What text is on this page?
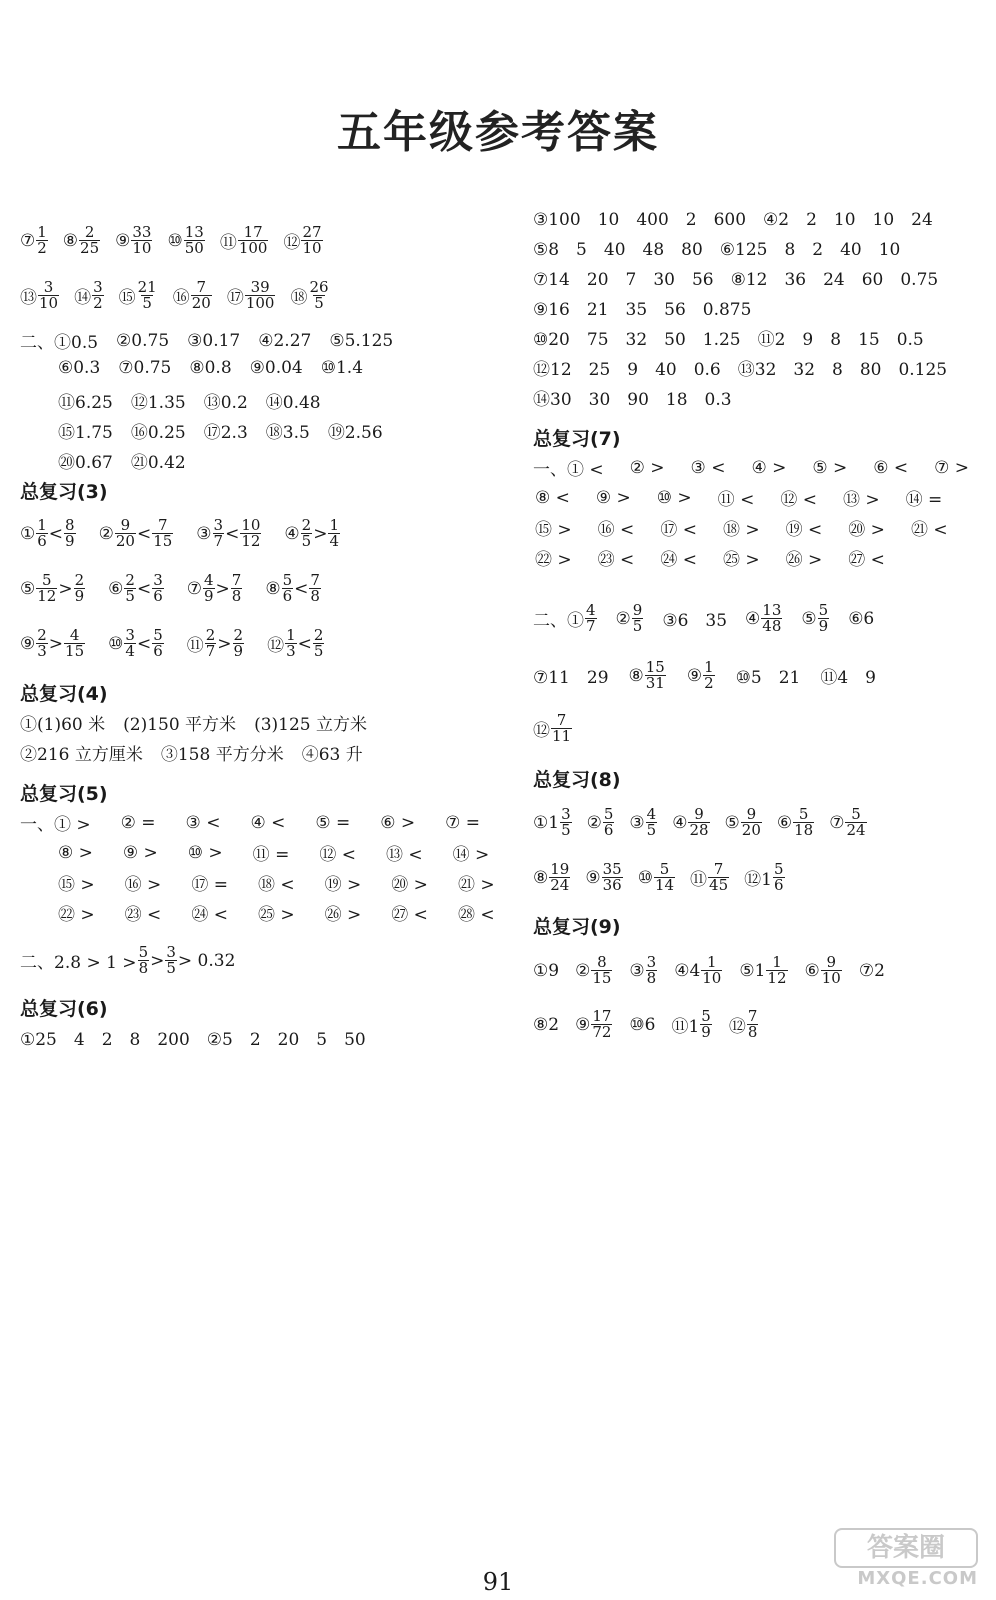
五年级参考答案
⑦ $\frac{1}{2}$ ⑧ $\frac{2}{25}$ ⑨ $\frac{33}{10}$ ⑩ $\frac{13}{50}$ ⑪ $\frac{17}{100}$ ⑫ $\frac{27}{10}$
⑬ $\frac{3}{10}$ ⑭ $\frac{3}{2}$ ⑮ $\frac{21}{5}$ ⑯ $\frac{7}{20}$ ⑰ $\frac{39}{100}$ ⑱ $\frac{26}{5}$
二、①0.5 ②0.75 ③0.17 ④2.27 ⑤5.125
⑥0.3 ⑦0.75 ⑧0.8 ⑨0.04 ⑩1.4
⑪6.25 ⑫1.35 ⑬0.2 ⑭0.48
⑮1.75 ⑯0.25 ⑰2.3 ⑱3.5 ⑲2.56
⑳0.67 ㉑0.42
总复习(3)
① $\frac{1}{6} < \frac{8}{9}$ ② $\frac{9}{20} < \frac{7}{15}$ ③ $\frac{3}{7} < \frac{10}{12}$ ④ $\frac{2}{5} > \frac{1}{4}$
⑤ $\frac{5}{12} > \frac{2}{9}$ ⑥ $\frac{2}{5} < \frac{3}{6}$ ⑦ $\frac{4}{9} > \frac{7}{8}$ ⑧ $\frac{5}{6} < \frac{7}{8}$
⑨ $\frac{2}{3} > \frac{4}{15}$ ⑩ $\frac{3}{4} < \frac{5}{6}$ ⑪ $\frac{2}{7} > \frac{2}{9}$ ⑫ $\frac{1}{3} < \frac{2}{5}$
总复习(4)
①(1)60 米 (2)150 平方米 (3)125 立方米
②216 立方厘米 ③158 平方分米 ④63 升
总复习(5)
一、① > ② = ③ < ④ < ⑤ = ⑥ > ⑦ =
⑧ > ⑨ > ⑩ > ⑪ = ⑫ < ⑬ < ⑭ >
⑮ > ⑯ > ⑰ = ⑱ < ⑲ > ⑳ > ㉑ >
㉒ > ㉓ < ㉔ < ㉕ > ㉖ > ㉗ < ㉘ <
二、$2.8 > 1 > \frac{5}{8} > \frac{3}{5} > 0.32$
总复习(6)
①25　4　2　8　200　②5　2　20　5　50
③100　10　400　2　600　④2　2　10　10　24
⑤8　5　40　48　80　⑥125　8　2　40　10
⑦14　20　7　30　56　⑧12　36　24　60　0.75
⑨16　21　35　56　0.875
⑩20　75　32　50　1.25　⑪2　9　8　15　0.5
⑫12　25　9　40　0.6　⑬32　32　8　80　0.125
⑭30　30　90　18　0.3
总复习(7)
一、① < ② > ③ < ④ > ⑤ > ⑥ < ⑦ >
⑧ < ⑨ > ⑩ > ⑪ < ⑫ < ⑬ > ⑭ =
⑮ > ⑯ < ⑰ < ⑱ > ⑲ < ⑳ > ㉑ <
㉒ > ㉓ < ㉔ < ㉕ > ㉖ > ㉗ <
二、① $\frac{4}{7}$ ② $\frac{9}{5}$ ③6　35 ④ $\frac{13}{48}$ ⑤ $\frac{5}{9}$ ⑥6
⑦11　29 ⑧ $\frac{15}{31}$ ⑨ $\frac{1}{2}$ ⑩5　21 ⑪4　9
⑫ $\frac{7}{11}$
总复习(8)
①1 $\frac{3}{5}$ ② $\frac{5}{6}$ ③ $\frac{4}{5}$ ④ $\frac{9}{28}$ ⑤ $\frac{9}{20}$ ⑥ $\frac{5}{18}$ ⑦ $\frac{5}{24}$
⑧ $\frac{19}{24}$ ⑨ $\frac{35}{36}$ ⑩ $\frac{5}{14}$ ⑪ $\frac{7}{45}$ ⑫1 $\frac{5}{6}$
总复习(9)
①9 ② $\frac{8}{15}$ ③ $\frac{3}{8}$ ④4 $\frac{1}{10}$ ⑤1 $\frac{1}{12}$ ⑥ $\frac{9}{10}$ ⑦2
⑧2 ⑨ $\frac{17}{72}$ ⑩6 ⑪1 $\frac{5}{9}$ ⑫ $\frac{7}{8}$
91
答案圈
MXQE.COM
